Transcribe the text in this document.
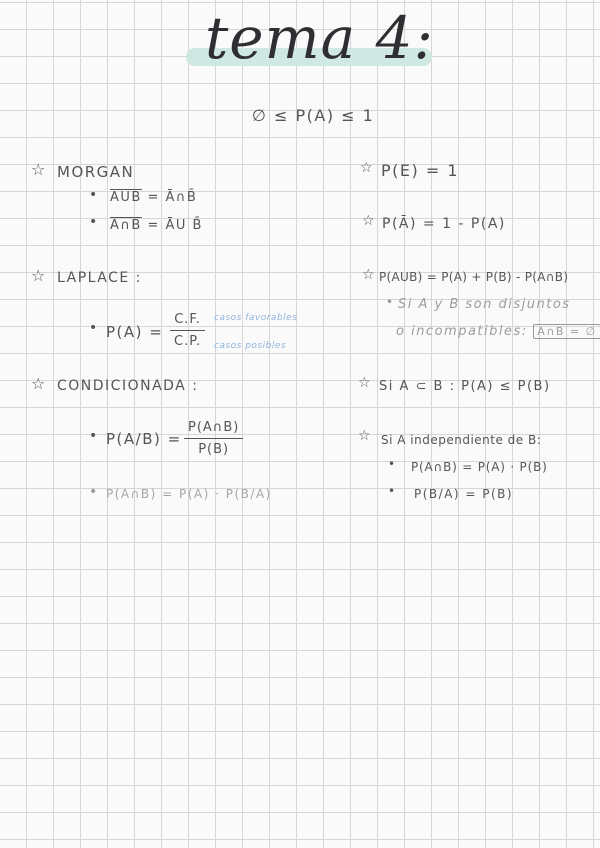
tema 4:
∅ ≤ P(A) ≤ 1
☆ MORGAN
• $\overline{AUB}$ = Ā∩B̄
• A∩B = ĀU B̄
☆ LAPLACE :
• P(A) =
C.F.
C.P.
casos favorables
casos posibles
☆ CONDICIONADA :
• P(A/B) =
P(A∩B)
P(B)
• P(A∩B) = P(A) · P(B/A)
☆ P(E) = 1
☆ P(Ā) = 1 - P(A)
☆ P(AUB) = P(A) + P(B) - P(A∩B)
• Si A y B son disjuntos
o incompatibles: A∩B = ∅
☆ Si A ⊂ B : P(A) ≤ P(B)
☆ Si A independiente de B:
• P(A∩B) = P(A) · P(B)
• P(B/A) = P(B)
